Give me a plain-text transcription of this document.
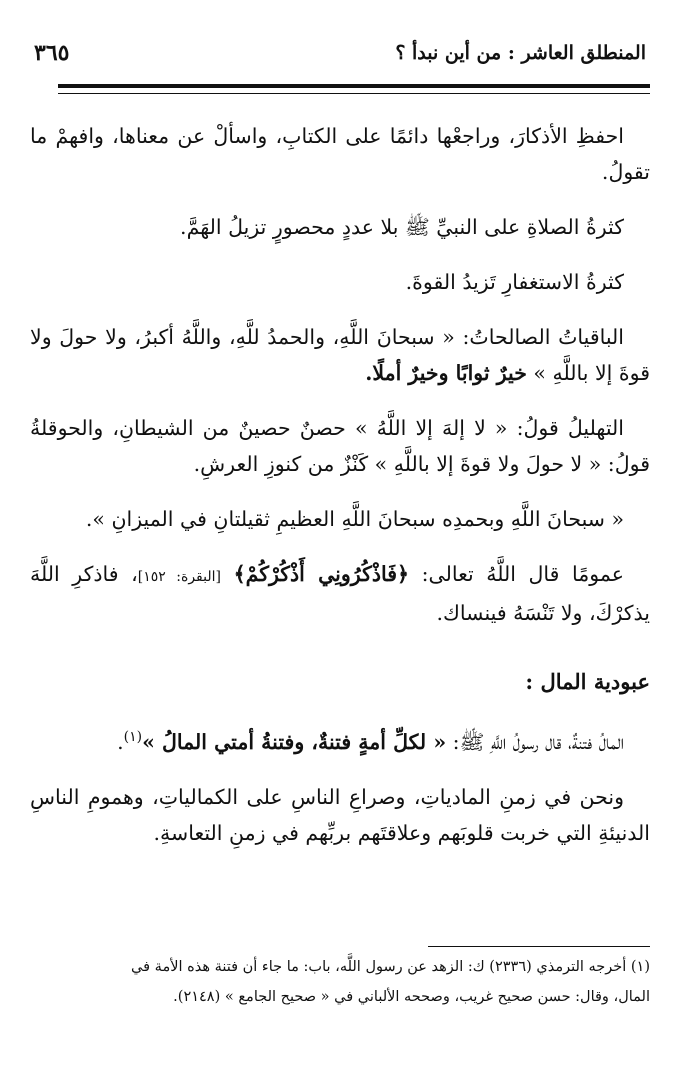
المنطلق العاشر : من أين نبدأ ؟
٣٦٥

احفظِ الأذكارَ، وراجعْها دائمًا على الكتابِ، واسألْ عن معناها، وافهمْ ما تقولُ.

كثرةُ الصلاةِ على النبيِّ ﷺ بلا عددٍ محصورٍ تزيلُ الهَمَّ.

كثرةُ الاستغفارِ تَزيدُ القوةَ.

الباقياتُ الصالحاتُ: « سبحانَ اللَّهِ، والحمدُ للَّهِ، واللَّهُ أكبرُ، ولا حولَ ولا قوةَ إلا باللَّهِ » خيرٌ ثوابًا وخيرٌ أملًا.

التهليلُ قولُ: « لا إلهَ إلا اللَّهُ » حصنٌ حصينٌ من الشيطانِ، والحوقلةُ قولُ: « لا حولَ ولا قوةَ إلا باللَّهِ » كَنْزٌ من كنوزِ العرشِ.

« سبحانَ اللَّهِ وبحمدِه سبحانَ اللَّهِ العظيمِ ثقيلتانِ في الميزانِ ».

عمومًا قال اللَّهُ تعالى: ﴿فَاذْكُرُونِي أَذْكُرْكُمْ﴾ [البقرة: ١٥٢]، فاذكرِ اللَّهَ يذكرْكَ، ولا تَنْسَهُ فينساك.

عبودية المال :

المالُ فتنةٌ، قال رسولُ اللَّهِ ﷺ: « لكلِّ أمةٍ فتنةٌ، وفتنةُ أمتي المالُ »$^{(١)}$.

ونحن في زمنِ المادياتِ، وصراعِ الناسِ على الكمالياتِ، وهمومِ الناسِ الدنيئةِ التي خربت قلوبَهم وعلاقتَهم بربِّهم في زمنِ التعاسةِ.

(١) أخرجه الترمذي (٢٣٣٦) ك: الزهد عن رسول اللَّه، باب: ما جاء أن فتنة هذه الأمة في

المال، وقال: حسن صحيح غريب، وصححه الألباني في « صحيح الجامع » (٢١٤٨).
